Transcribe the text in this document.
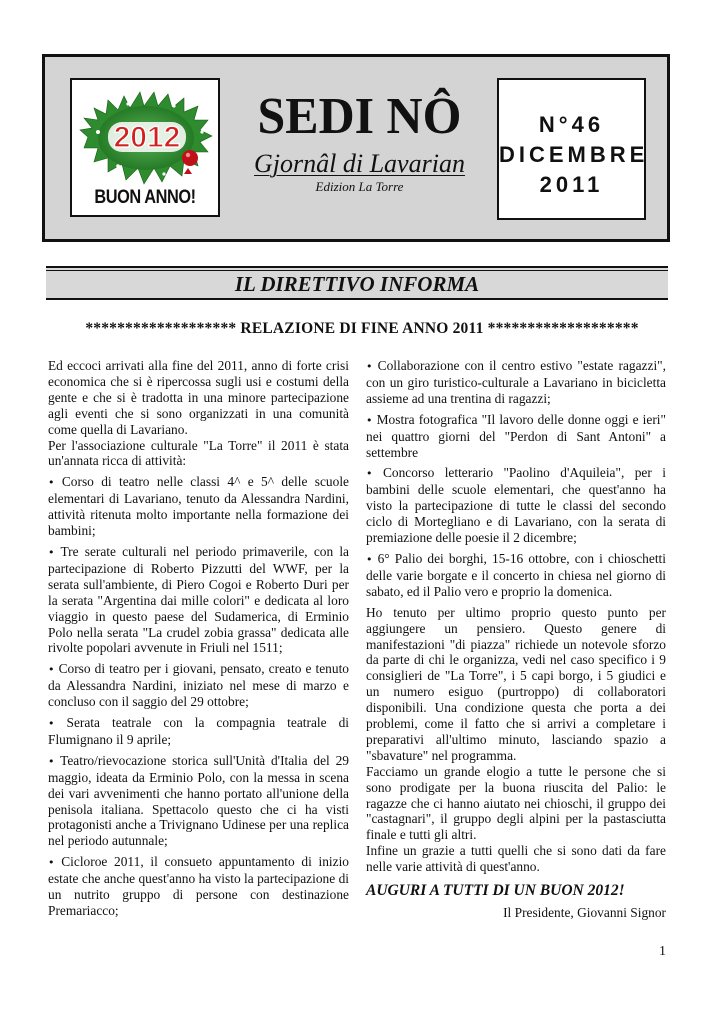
2012
BUON ANNO!
SEDI NÔ
Gjornâl di Lavarian
Edizion La Torre
N°46
DICEMBRE
2011
IL DIRETTIVO INFORMA
******************* RELAZIONE DI FINE ANNO 2011 *******************

Ed eccoci arrivati alla fine del 2011, anno di forte crisi economica che si è ripercossa sugli usi e costumi della gente e che si è tradotta in una minore partecipazione agli eventi che si sono organizzati in una comunità come quella di Lavariano.

Per l'associazione culturale "La Torre" il 2011 è stata un'annata ricca di attività:

• Corso di teatro nelle classi 4^ e 5^ delle scuole elementari di Lavariano, tenuto da Alessandra Nardini, attività ritenuta molto importante nella formazione dei bambini;

• Tre serate culturali nel periodo primaverile, con la partecipazione di Roberto Pizzutti del WWF, per la serata sull'ambiente, di Piero Cogoi e Roberto Duri per la serata "Argentina dai mille colori" e dedicata al loro viaggio in questo paese del Sudamerica, di Erminio Polo nella serata "La crudel zobia grassa" dedicata alle rivolte popolari avvenute in Friuli nel 1511;

• Corso di teatro per i giovani, pensato, creato e tenuto da Alessandra Nardini, iniziato nel mese di marzo e concluso con il saggio del 29 ottobre;

• Serata teatrale con la compagnia teatrale di Flumignano il 9 aprile;

• Teatro/rievocazione storica sull'Unità d'Italia del 29 maggio, ideata da Erminio Polo, con la messa in scena dei vari avvenimenti che hanno portato all'unione della penisola italiana. Spettacolo questo che ci ha visti protagonisti anche a Trivignano Udinese per una replica nel periodo autunnale;

• Cicloroe 2011, il consueto appuntamento di inizio estate che anche quest'anno ha visto la partecipazione di un nutrito gruppo di persone con destinazione Premariacco;

• Collaborazione con il centro estivo "estate ragazzi", con un giro turistico-culturale a Lavariano in bicicletta assieme ad una trentina di ragazzi;

• Mostra fotografica "Il lavoro delle donne oggi e ieri" nei quattro giorni del "Perdon di Sant Antoni" a settembre

• Concorso letterario "Paolino d'Aquileia", per i bambini delle scuole elementari, che quest'anno ha visto la partecipazione di tutte le classi del secondo ciclo di Mortegliano e di Lavariano, con la serata di premiazione delle poesie il 2 dicembre;

• 6° Palio dei borghi, 15-16 ottobre, con i chioschetti delle varie borgate e il concerto in chiesa nel giorno di sabato, ed il Palio vero e proprio la domenica.

Ho tenuto per ultimo proprio questo punto per aggiungere un pensiero. Questo genere di manifestazioni "di piazza" richiede un notevole sforzo da parte di chi le organizza, vedi nel caso specifico i 9 consiglieri de "La Torre", i 5 capi borgo, i 5 giudici e un numero esiguo (purtroppo) di collaboratori disponibili. Una condizione questa che porta a dei problemi, come il fatto che si arrivi a completare i preparativi all'ultimo minuto, lasciando spazio a "sbavature" nel programma.

Facciamo un grande elogio a tutte le persone che si sono prodigate per la buona riuscita del Palio: le ragazze che ci hanno aiutato nei chioschi, il gruppo dei "castagnari", il gruppo degli alpini per la pastasciutta finale e tutti gli altri.

Infine un grazie a tutti quelli che si sono dati da fare nelle varie attività di quest'anno.

AUGURI A TUTTI DI UN BUON 2012!
Il Presidente, Giovanni Signor
1
